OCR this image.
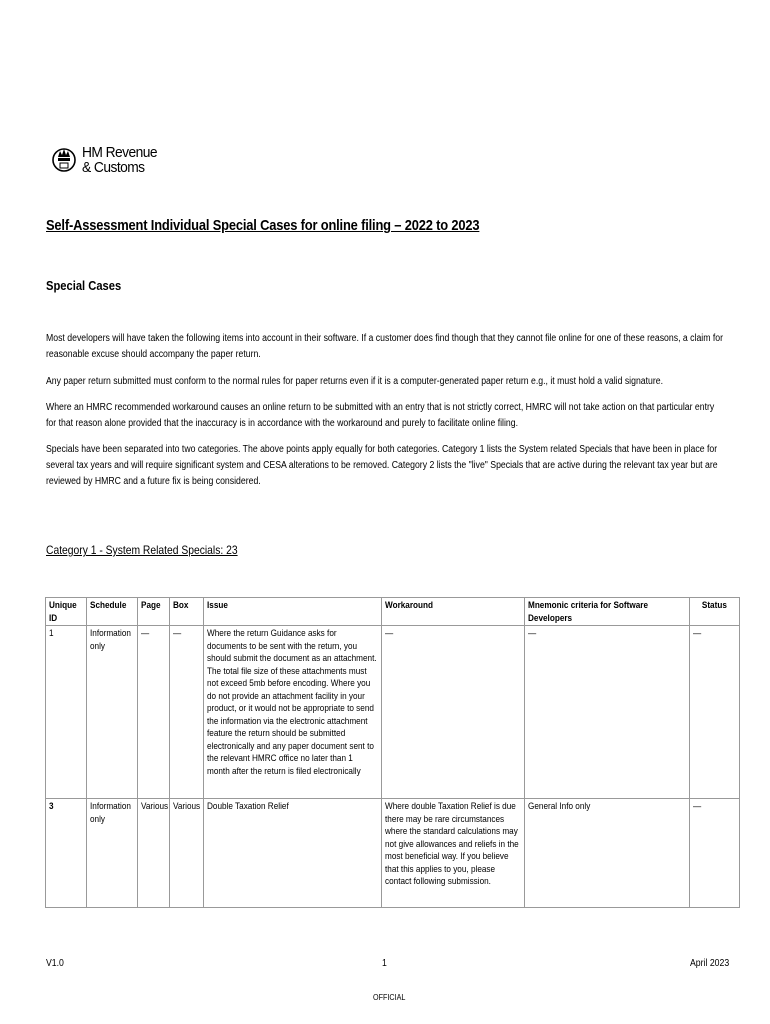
HM Revenue
& Customs
Self-Assessment Individual Special Cases for online filing – 2022 to 2023
Special Cases
Most developers will have taken the following items into account in their software. If a customer does find though that they cannot file online for one of these reasons, a claim for reasonable excuse should accompany the paper return.
Any paper return submitted must conform to the normal rules for paper returns even if it is a computer-generated paper return e.g., it must hold a valid signature.
Where an HMRC recommended workaround causes an online return to be submitted with an entry that is not strictly correct, HMRC will not take action on that particular entry for that reason alone provided that the inaccuracy is in accordance with the workaround and purely to facilitate online filing.
Specials have been separated into two categories. The above points apply equally for both categories. Category 1 lists the System related Specials that have been in place for several tax years and will require significant system and CESA alterations to be removed. Category 2 lists the "live" Specials that are active during the relevant tax year but are reviewed by HMRC and a future fix is being considered.
Category 1 - System Related Specials: 23
Unique ID	Schedule	Page	Box	Issue	Workaround	Mnemonic criteria for Software Developers	Status

1	Information only	—	—	Where the return Guidance asks for documents to be sent with the return, you should submit the document as an attachment. The total file size of these attachments must not exceed 5mb before encoding. Where you do not provide an attachment facility in your product, or it would not be appropriate to send the information via the electronic attachment feature the return should be submitted electronically and any paper document sent to the relevant HMRC office no later than 1 month after the return is filed electronically	—	—	—

3	Information only	Various	Various	Double Taxation Relief	Where double Taxation Relief is due there may be rare circumstances where the standard calculations may not give allowances and reliefs in the most beneficial way. If you believe that this applies to you, please contact following submission.	General Info only	—
V1.0	1	April 2023
OFFICIAL
